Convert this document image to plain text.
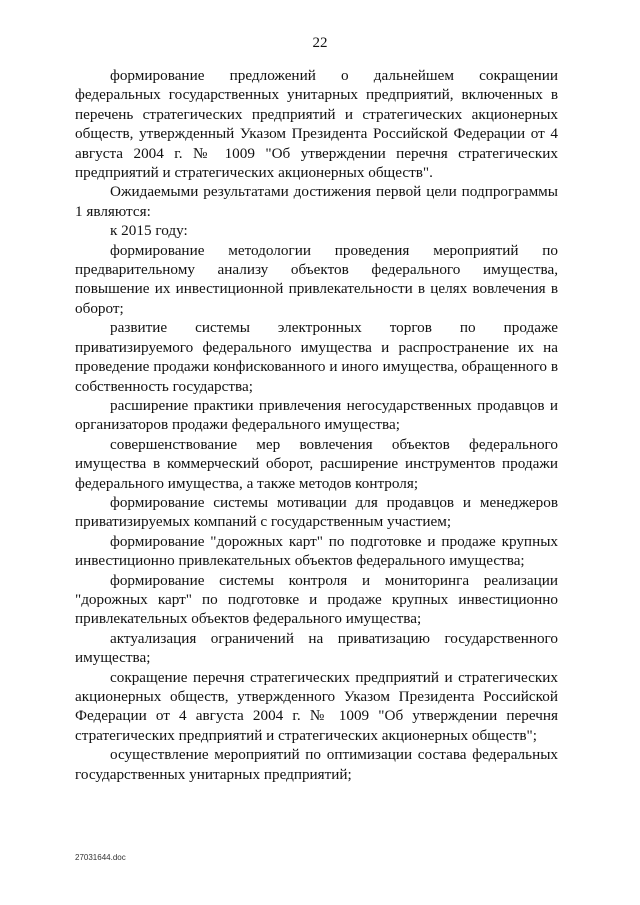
22

формирование предложений о дальнейшем сокращении федеральных государственных унитарных предприятий, включенных в перечень стратегических предприятий и стратегических акционерных обществ, утвержденный Указом Президента Российской Федерации от 4 августа 2004 г. № 1009 "Об утверждении перечня стратегических предприятий и стратегических акционерных обществ".

Ожидаемыми результатами достижения первой цели подпрограммы 1 являются:

к 2015 году:

формирование методологии проведения мероприятий по предварительному анализу объектов федерального имущества, повышение их инвестиционной привлекательности в целях вовлечения в оборот;

развитие системы электронных торгов по продаже приватизируемого федерального имущества и распространение их на проведение продажи конфискованного и иного имущества, обращенного в собственность государства;

расширение практики привлечения негосударственных продавцов и организаторов продажи федерального имущества;

совершенствование мер вовлечения объектов федерального имущества в коммерческий оборот, расширение инструментов продажи федерального имущества, а также методов контроля;

формирование системы мотивации для продавцов и менеджеров приватизируемых компаний с государственным участием;

формирование "дорожных карт" по подготовке и продаже крупных инвестиционно привлекательных объектов федерального имущества;

формирование системы контроля и мониторинга реализации "дорожных карт" по подготовке и продаже крупных инвестиционно привлекательных объектов федерального имущества;

актуализация ограничений на приватизацию государственного имущества;

сокращение перечня стратегических предприятий и стратегических акционерных обществ, утвержденного Указом Президента Российской Федерации от 4 августа 2004 г. № 1009 "Об утверждении перечня стратегических предприятий и стратегических акционерных обществ";

осуществление мероприятий по оптимизации состава федеральных государственных унитарных предприятий;

27031644.doc
